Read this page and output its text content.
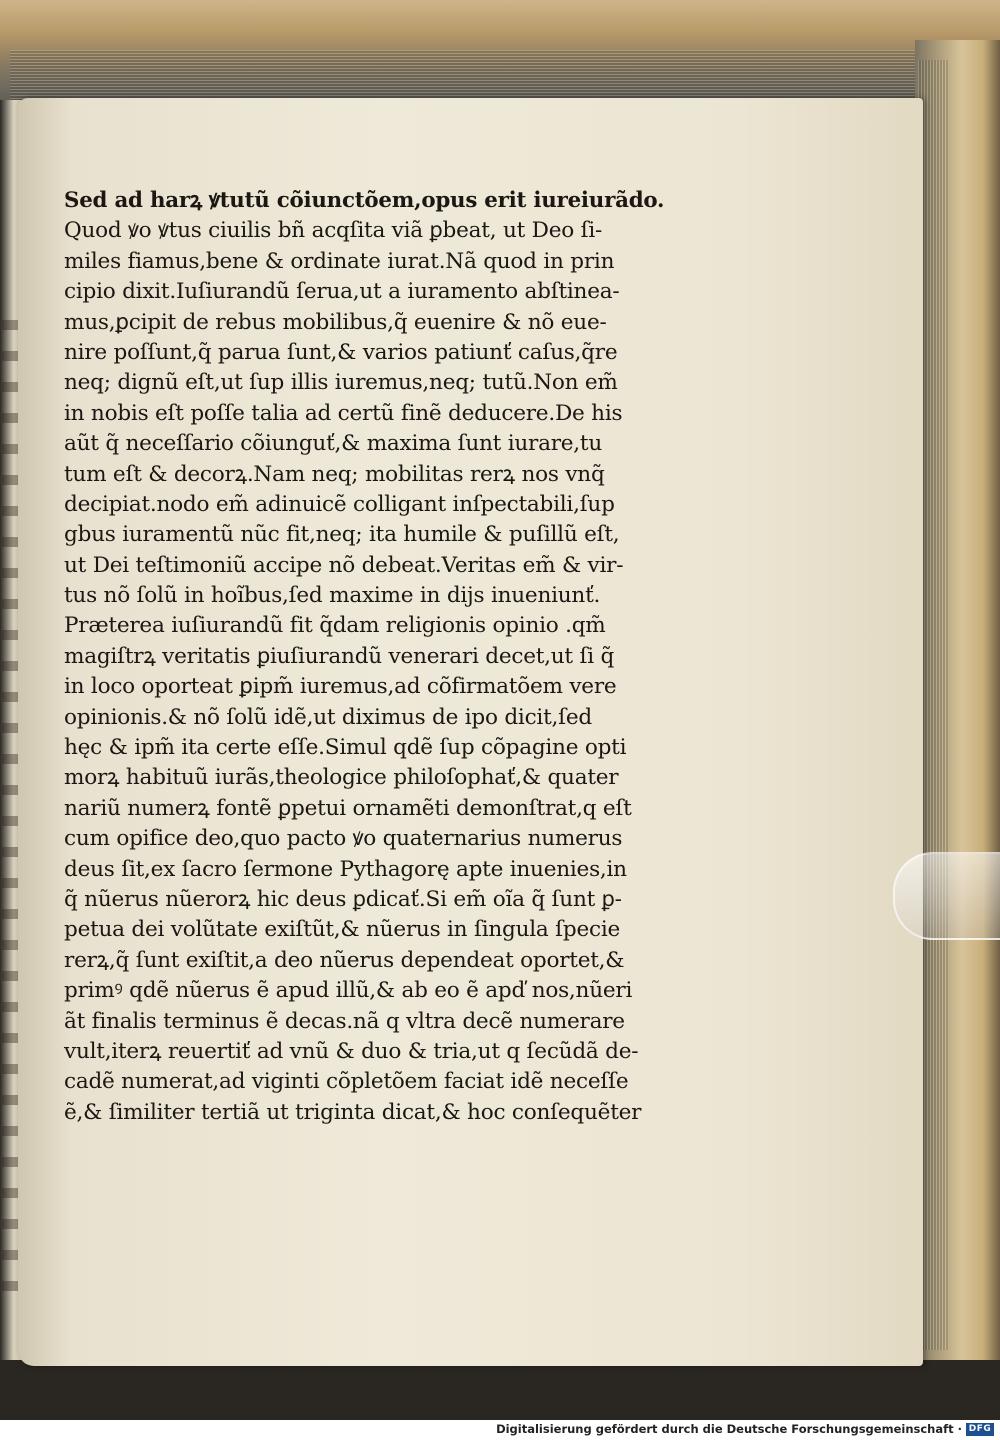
Sed ad harꝝ ꝟtutũ cõiunctõem,opus erit iureiurãdo.
Quod ꝟo ꝟtus ciuilis bñ acqſita viã ꝑbeat, ut Deo ſi-
miles fiamus,bene & ordinate iurat.Nã quod in prin
cipio dixit.Iuſiurandũ ſerua,ut a iuramento abſtinea-
mus,ꝑcipit de rebus mobilibus,q̃ euenire & nõ eue-
nire poſſunt,q̃ parua ſunt,& varios patiunť caſus,q̃re
neq; dignũ eſt,ut ſup illis iuremus,neq; tutũ.Non em̃
in nobis eſt poſſe talia ad certũ finẽ deducere.De his
aũt q̃ neceſſario cõiunguť,& maxima ſunt iurare,tu
tum eſt & decorꝝ.Nam neq; mobilitas rerꝝ nos vnq̃
decipiat.nodo em̃ adinuicẽ colligant inſpectabili,ſup
gbus iuramentũ nũc fit,neq; ita humile & puſillũ eſt,
ut Dei teſtimoniũ accipe nõ debeat.Veritas em̃ & vir-
tus nõ ſolũ in hoĩbus,ſed maxime in dijs inueniunť.
Præterea iuſiurandũ fit q̃dam religionis opinio .qm̃
magiſtrꝝ veritatis ꝑiuſiurandũ venerari decet,ut ſi q̃
in loco oporteat ꝑipm̃ iuremus,ad cõfirmatõem vere
opinionis.& nõ ſolũ idẽ,ut diximus de ipo dicit,ſed
hęc & ipm̃ ita certe eſſe.Simul qdẽ ſup cõpagine opti
morꝝ habituũ iurãs,theologice philoſophať,& quater
nariũ numerꝝ fontẽ ꝑpetui ornamẽti demonſtrat,q eſt
cum opifice deo,quo pacto ꝟo quaternarius numerus
deus ſit,ex ſacro ſermone Pythagorę apte inuenies,in
q̃ nũerus nũerorꝝ hic deus ꝑdicať.Si em̃ oĩa q̃ ſunt ꝑ-
petua dei volũtate exiſtũt,& nũerus in ſingula ſpecie
rerꝝ,q̃ ſunt exiſtit,a deo nũerus dependeat oportet,&
primꝰ qdẽ nũerus ẽ apud illũ,& ab eo ẽ apď nos,nũeri
ãt finalis terminus ẽ decas.nã q vltra decẽ numerare
vult,iterꝝ reuertiť ad vnũ & duo & tria,ut q ſecũdã de-
cadẽ numerat,ad viginti cõpletõem faciat idẽ neceſſe
ẽ,& ſimiliter tertiã ut triginta dicat,& hoc conſequẽter
Digitalisierung gefördert durch die Deutsche Forschungsgemeinschaft · DFG
